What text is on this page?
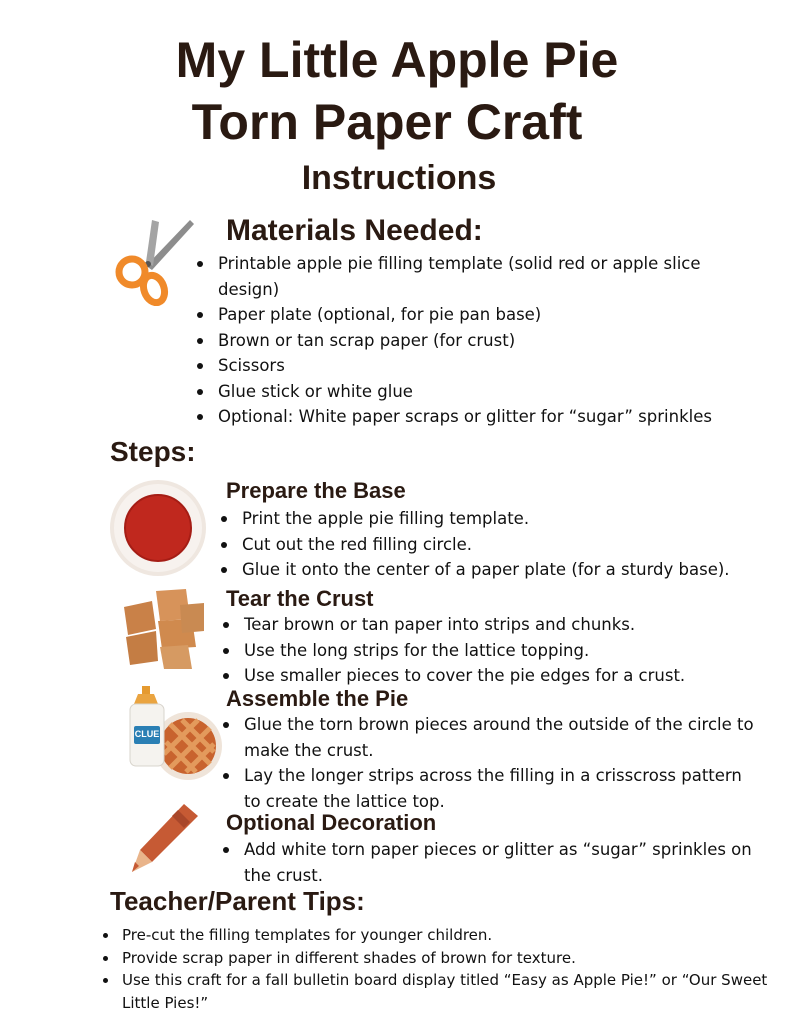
My Little Apple Pie
Torn Paper Craft
Instructions
Materials Needed:
Printable apple pie filling template (solid red or apple slice design)
Paper plate (optional, for pie pan base)
Brown or tan scrap paper (for crust)
Scissors
Glue stick or white glue
Optional: White paper scraps or glitter for “sugar” sprinkles
Steps:
Prepare the Base
Print the apple pie filling template.
Cut out the red filling circle.
Glue it onto the center of a paper plate (for a sturdy base).
Tear the Crust
Tear brown or tan paper into strips and chunks.
Use the long strips for the lattice topping.
Use smaller pieces to cover the pie edges for a crust.
CLUE
Assemble the Pie
Glue the torn brown pieces around the outside of the circle to make the crust.
Lay the longer strips across the filling in a crisscross pattern to create the lattice top.
Optional Decoration
Add white torn paper pieces or glitter as “sugar” sprinkles on the crust.
Teacher/Parent Tips:
Pre-cut the filling templates for younger children.
Provide scrap paper in different shades of brown for texture.
Use this craft for a fall bulletin board display titled “Easy as Apple Pie!” or “Our Sweet Little Pies!”
